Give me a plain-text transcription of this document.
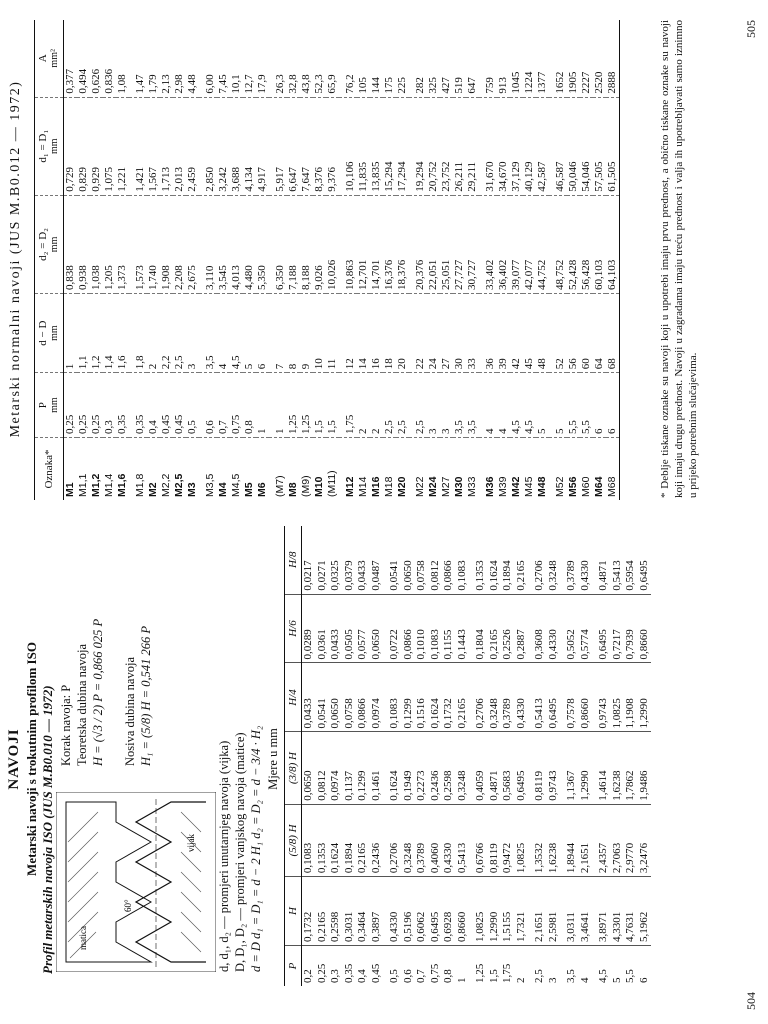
504
505
NAVOJI Metarski navoji s trokutnim profilom ISO Profil metarskih navoja ISO (JUS M.B0.010 — 1972)	matica
vijak
60°
Korak navoja: P Teoretska dubina navoja H = (√3 / 2) P = 0,866 025 P Nosiva dubina navoja H₁ = (5/8) H = 0,541 266 P
d, d₁, d₂ — promjeri unutarnjeg navoja (vijka) D, D₁, D₂ — promjeri vanjskog navoja (matice) d = D d₁ = D₁ = d − 2 H₁ d₂ = D₂ = d − 3/4 · H₂ Mjere u mm
P	H	(5/8) H	(3/8) H	H/4	H/6	H/8
0,2	0,1732	0,1083	0,0650	0,0433	0,0289	0,0217
0,25	0,2165	0,1353	0,0812	0,0541	0,0361	0,0271
0,3	0,2598	0,1624	0,0974	0,0650	0,0433	0,0325
0,35	0,3031	0,1894	0,1137	0,0758	0,0505	0,0379
0,4	0,3464	0,2165	0,1299	0,0866	0,0577	0,0433
0,45	0,3897	0,2436	0,1461	0,0974	0,0650	0,0487
0,5	0,4330	0,2706	0,1624	0,1083	0,0722	0,0541
0,6	0,5196	0,3248	0,1949	0,1299	0,0866	0,0650
0,7	0,6062	0,3789	0,2273	0,1516	0,1010	0,0758
0,75	0,6495	0,4060	0,2436	0,1624	0,1083	0,0812
0,8	0,6928	0,4330	0,2598	0,1732	0,1155	0,0866
1	0,8660	0,5413	0,3248	0,2165	0,1443	0,1083
1,25	1,0825	0,6766	0,4059	0,2706	0,1804	0,1353
1,5	1,2990	0,8119	0,4871	0,3248	0,2165	0,1624
1,75	1,5155	0,9472	0,5683	0,3789	0,2526	0,1894
2	1,7321	1,0825	0,6495	0,4330	0,2887	0,2165
2,5	2,1651	1,3532	0,8119	0,5413	0,3608	0,2706
3	2,5981	1,6238	0,9743	0,6495	0,4330	0,3248
3,5	3,0311	1,8944	1,1367	0,7578	0,5052	0,3789
4	3,4641	2,1651	1,2990	0,8660	0,5774	0,4330
4,5	3,8971	2,4357	1,4614	0,9743	0,6495	0,4871
5	4,3301	2,7063	1,6238	1,0825	0,7217	0,5413
5,5	4,7631	2,9770	1,7862	1,1908	0,7939	0,5954
6	5,1962	3,2476	1,9486	1,2990	0,8660	0,6495
Metarski normalni navoji (JUS M.B0.012 — 1972)
Oznaka*	P mm	d − D mm	d₂ = D₂ mm	d₁ = D₁ mm	A mm²

M1	0,25	1	0,838	0,729	0,377
M1,1	0,25	1,1	0,938	0,829	0,494
M1,2	0,25	1,2	1,038	0,929	0,626
M1,4	0,3	1,4	1,205	1,075	0,836
M1,6	0,35	1,6	1,373	1,221	1,08
M1,8	0,35	1,8	1,573	1,421	1,47
M2	0,4	2	1,740	1,567	1,79
M2,2	0,45	2,2	1,908	1,713	2,13
M2,5	0,45	2,5	2,208	2,013	2,98
M3	0,5	3	2,675	2,459	4,48
M3,5	0,6	3,5	3,110	2,850	6,00
M4	0,7	4	3,545	3,242	7,45
M4,5	0,75	4,5	4,013	3,688	10,1
M5	0,8	5	4,480	4,134	12,7
M6	1	6	5,350	4,917	17,9
(M7)	1	7	6,350	5,917	26,3
M8	1,25	8	7,188	6,647	32,8
(M9)	1,25	9	8,188	7,647	43,8
M10	1,5	10	9,026	8,376	52,3
(M11)	1,5	11	10,026	9,376	65,9
M12	1,75	12	10,863	10,106	76,2
M14	2	14	12,701	11,835	105
M16	2	16	14,701	13,835	144
M18	2,5	18	16,376	15,294	175
M20	2,5	20	18,376	17,294	225
M22	2,5	22	20,376	19,294	282
M24	3	24	22,051	20,752	325
M27	3	27	25,051	23,752	427
M30	3,5	30	27,727	26,211	519
M33	3,5	33	30,727	29,211	647
M36	4	36	33,402	31,670	759
M39	4	39	36,402	34,670	913
M42	4,5	42	39,077	37,129	1045
M45	4,5	45	42,077	40,129	1224
M48	5	48	44,752	42,587	1377
M52	5	52	48,752	46,587	1652
M56	5,5	56	52,428	50,046	1905
M60	5,5	60	56,428	54,046	2227
M64	6	64	60,103	57,505	2520
M68	6	68	64,103	61,505	2888	* Deblje tiskane oznake su navoji koji u upotrebi imaju prvu prednost, a obično tiskane oznake su navoji koji imaju drugu prednost. Navoji u zagradama imaju treću prednost i valja ih upotrebljavati samo iznimno u prijeko potrebnim slučajevima.
